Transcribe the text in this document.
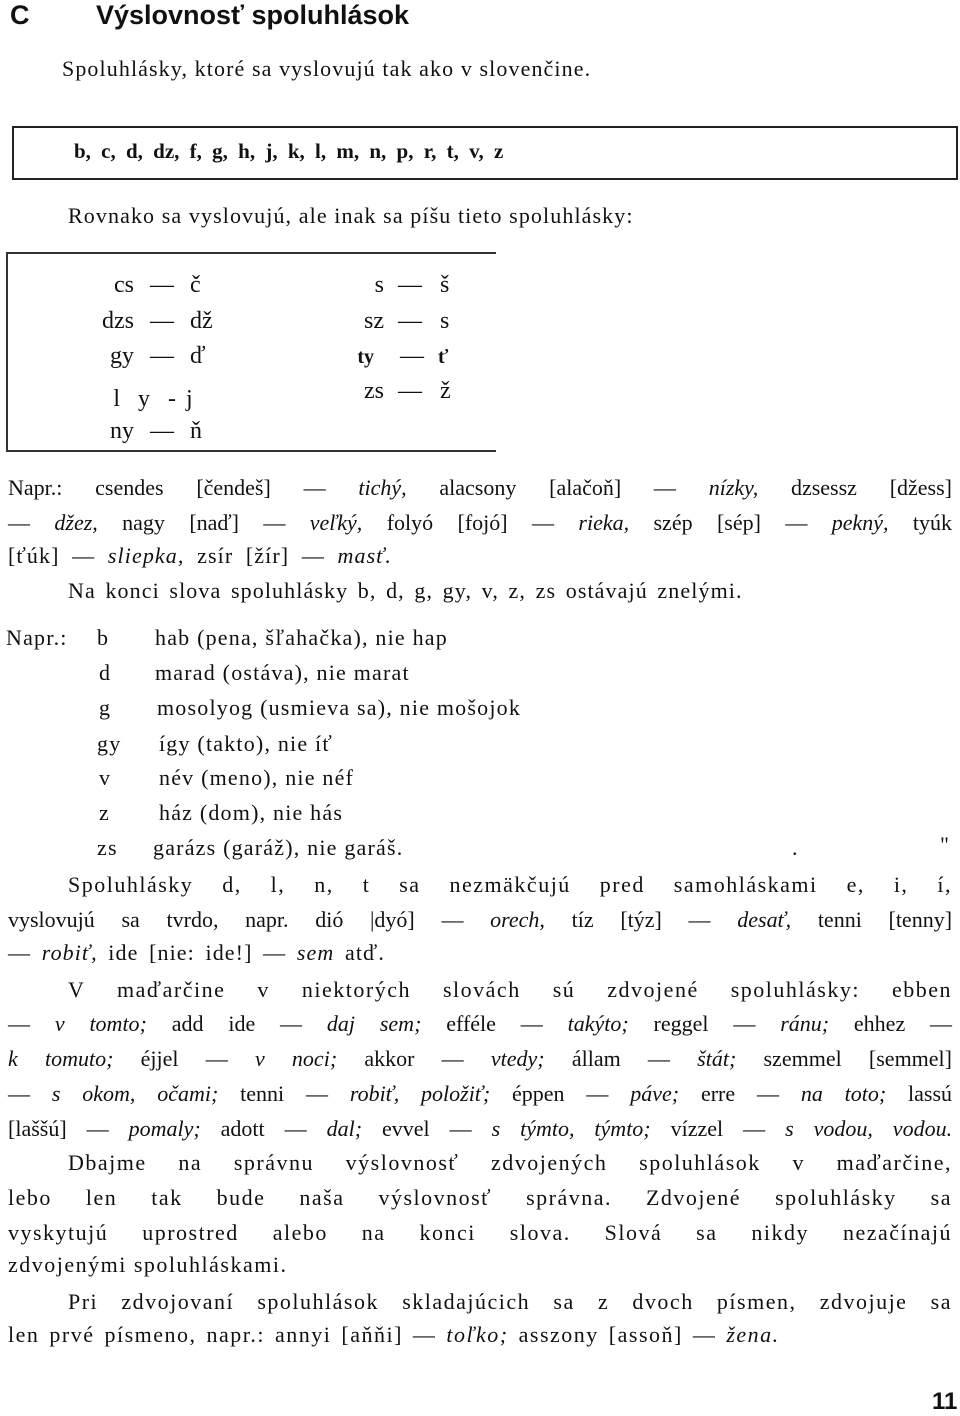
C Výslovnosť spoluhlások
Spoluhlásky, ktoré sa vyslovujú tak ako v slovenčine.
b, c, d, dz, f, g, h, j, k, l, m, n, p, r, t, v, z
Rovnako sa vyslovujú, ale inak sa píšu tieto spoluhlásky:
cs — č
dzs — dž
gy — ď
l y - j
ny — ň
s — š
sz — s
ty — ť
zs — ž
Napr.: csendes [čendeš] — tichý, alacsony [alačoň] — nízky, dzsessz [džess]
— džez, nagy [naď] — veľký, folyó [fojó] — rieka, szép [sép] — pekný, tyúk
[ťúk] — sliepka, zsír [žír] — masť.
Na konci slova spoluhlásky b, d, g, gy, v, z, zs ostávajú znelými.
Napr.: b hab (pena, šľahačka), nie hap
d marad (ostáva), nie marat
g mosolyog (usmieva sa), nie mošojok
gy így (takto), nie íť
v név (meno), nie néf
z ház (dom), nie hás
zs garázs (garáž), nie garáš.	.	"
Spoluhlásky d, l, n, t sa nezmäkčujú pred samohláskami e, i, í,
vyslovujú sa tvrdo, napr. dió |dyó] — orech, tíz [týz] — desať, tenni [tenny]
— robiť, ide [nie: ide!] — sem atď.
V maďarčine v niektorých slovách sú zdvojené spoluhlásky: ebben
— v tomto; add ide — daj sem; efféle — takýto; reggel — ránu; ehhez —
k tomuto; éjjel — v noci; akkor — vtedy; állam — štát; szemmel [semmel]
— s okom, očami; tenni — robiť, položiť; éppen — páve; erre — na toto; lassú
[laššú] — pomaly; adott — dal; evvel — s týmto, týmto; vízzel — s vodou, vodou.
Dbajme na správnu výslovnosť zdvojených spoluhlások v maďarčine,
lebo len tak bude naša výslovnosť správna. Zdvojené spoluhlásky sa
vyskytujú uprostred alebo na konci slova. Slová sa nikdy nezačínajú
zdvojenými spoluhláskami.
Pri zdvojovaní spoluhlások skladajúcich sa z dvoch písmen, zdvojuje sa
len prvé písmeno, napr.: annyi [aňňi] — toľko; asszony [assoň] — žena.
11
